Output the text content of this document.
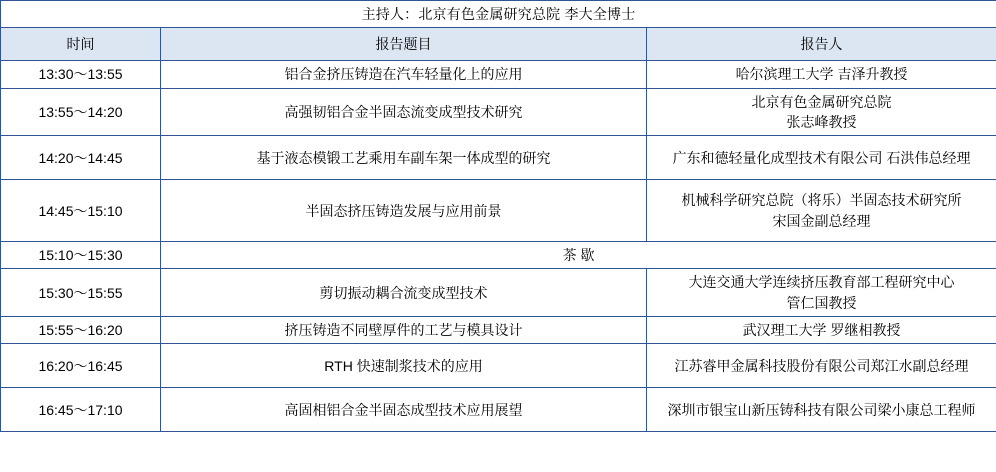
主持人：北京有色金属研究总院 李大全博士		
时间	报告题目	报告人
13:30～13:55	铝合金挤压铸造在汽车轻量化上的应用	哈尔滨理工大学 吉泽升教授
13:55～14:20	高强韧铝合金半固态流变成型技术研究	北京有色金属研究总院
张志峰教授
14:20～14:45	基于液态模锻工艺乘用车副车架一体成型的研究	广东和德轻量化成型技术有限公司 石洪伟总经理
14:45～15:10	半固态挤压铸造发展与应用前景	机械科学研究总院（将乐）半固态技术研究所
宋国金副总经理
15:10～15:30	茶 歇	
15:30～15:55	剪切振动耦合流变成型技术	大连交通大学连续挤压教育部工程研究中心
管仁国教授
15:55～16:20	挤压铸造不同壁厚件的工艺与模具设计	武汉理工大学 罗继相教授
16:20～16:45	RTH 快速制浆技术的应用	江苏睿甲金属科技股份有限公司郑江水副总经理
16:45～17:10	高固相铝合金半固态成型技术应用展望	深圳市银宝山新压铸科技有限公司梁小康总工程师
